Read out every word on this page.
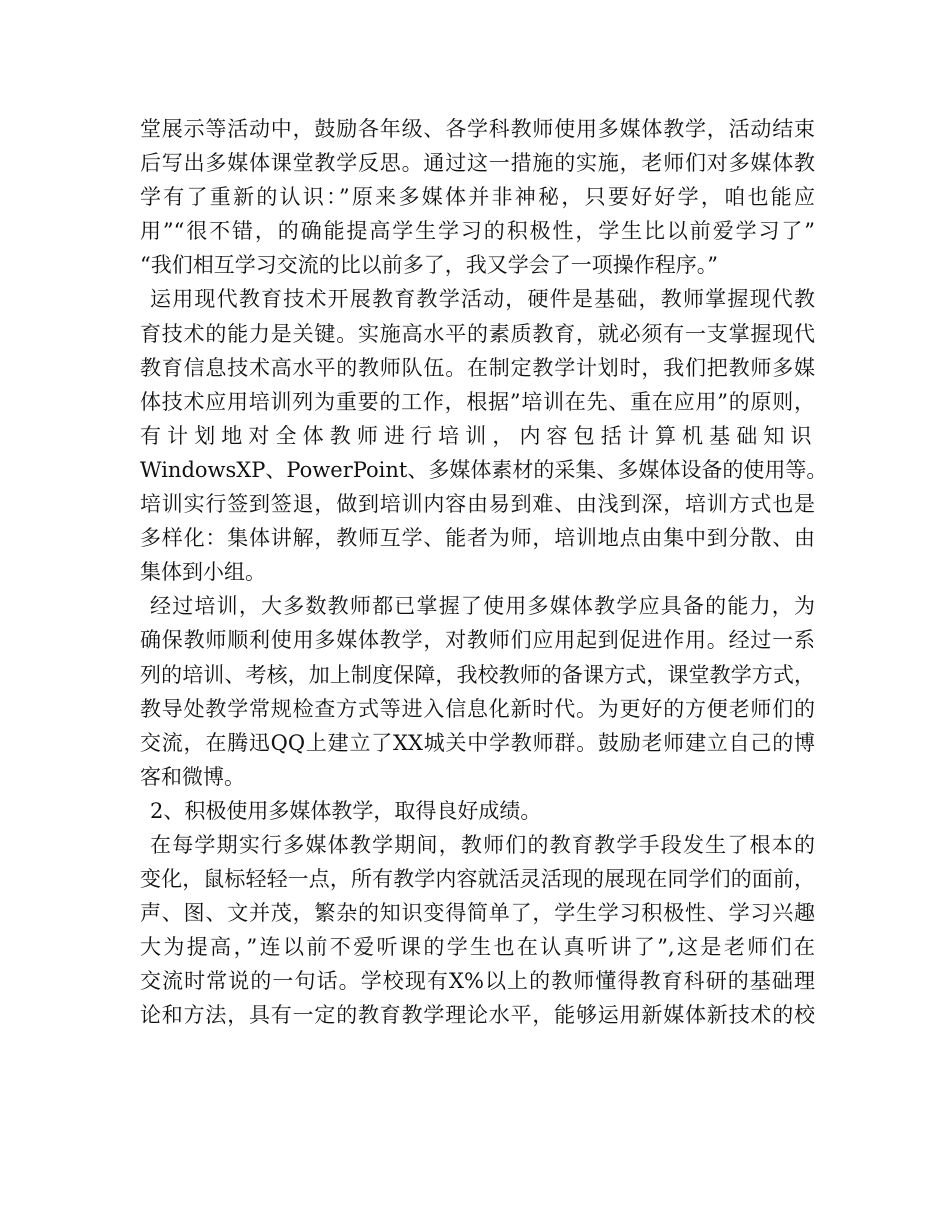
堂展示等活动中，鼓励各年级、各学科教师使用多媒体教学，活动结束
后写出多媒体课堂教学反思。通过这一措施的实施，老师们对多媒体教
学有了重新的认识：”原来多媒体并非神秘，只要好好学，咱也能应
用”“很不错，的确能提高学生学习的积极性，学生比以前爱学习了”
“我们相互学习交流的比以前多了，我又学会了一项操作程序。”
运用现代教育技术开展教育教学活动，硬件是基础，教师掌握现代教
育技术的能力是关键。实施高水平的素质教育，就必须有一支掌握现代
教育信息技术高水平的教师队伍。在制定教学计划时，我们把教师多媒
体技术应用培训列为重要的工作，根据”培训在先、重在应用”的原则，
有计划地对全体教师进行培训，内容包括计算机基础知识
WindowsXP、PowerPoint、多媒体素材的采集、多媒体设备的使用等。
培训实行签到签退，做到培训内容由易到难、由浅到深，培训方式也是
多样化：集体讲解，教师互学、能者为师，培训地点由集中到分散、由
集体到小组。
经过培训，大多数教师都已掌握了使用多媒体教学应具备的能力，为
确保教师顺利使用多媒体教学，对教师们应用起到促进作用。经过一系
列的培训、考核，加上制度保障，我校教师的备课方式，课堂教学方式，
教导处教学常规检查方式等进入信息化新时代。为更好的方便老师们的
交流，在腾迅QQ上建立了XX城关中学教师群。鼓励老师建立自己的博
客和微博。
2、积极使用多媒体教学，取得良好成绩。
在每学期实行多媒体教学期间，教师们的教育教学手段发生了根本的
变化，鼠标轻轻一点，所有教学内容就活灵活现的展现在同学们的面前，
声、图、文并茂，繁杂的知识变得简单了，学生学习积极性、学习兴趣
大为提高，”连以前不爱听课的学生也在认真听讲了”,这是老师们在
交流时常说的一句话。学校现有X%以上的教师懂得教育科研的基础理
论和方法，具有一定的教育教学理论水平，能够运用新媒体新技术的校
